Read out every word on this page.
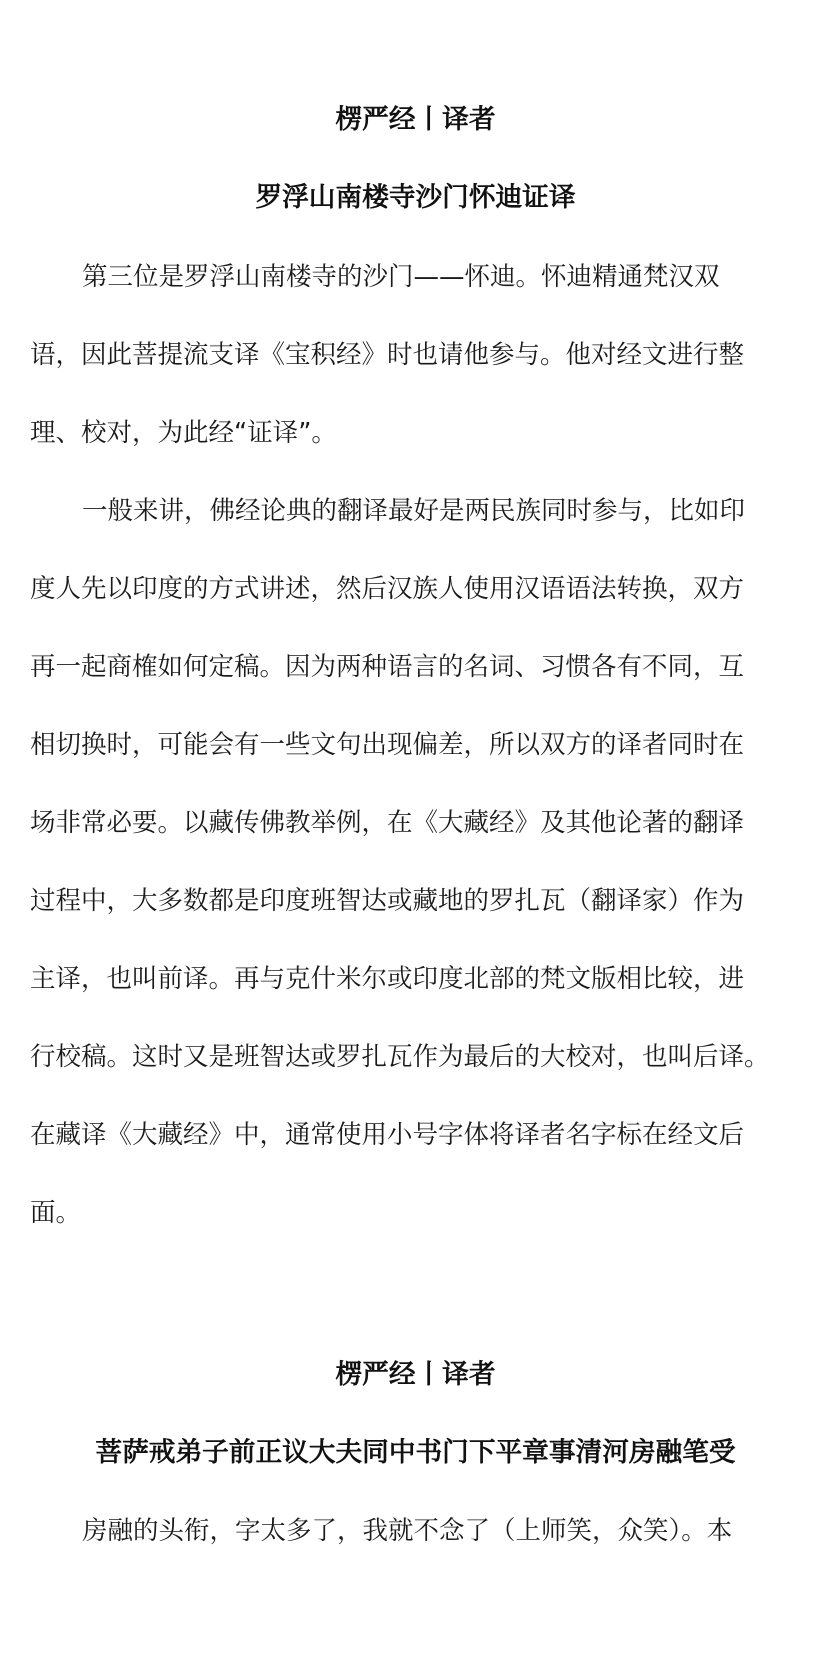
楞严经丨译者
罗浮山南楼寺沙门怀迪证译
第三位是罗浮山南楼寺的沙门——怀迪。怀迪精通梵汉双
语，因此菩提流支译《宝积经》时也请他参与。他对经文进行整
理、校对，为此经“证译”。
一般来讲，佛经论典的翻译最好是两民族同时参与，比如印
度人先以印度的方式讲述，然后汉族人使用汉语语法转换，双方
再一起商榷如何定稿。因为两种语言的名词、习惯各有不同，互
相切换时，可能会有一些文句出现偏差，所以双方的译者同时在
场非常必要。以藏传佛教举例，在《大藏经》及其他论著的翻译
过程中，大多数都是印度班智达或藏地的罗扎瓦（翻译家）作为
主译，也叫前译。再与克什米尔或印度北部的梵文版相比较，进
行校稿。这时又是班智达或罗扎瓦作为最后的大校对，也叫后译。
在藏译《大藏经》中，通常使用小号字体将译者名字标在经文后
面。
楞严经丨译者
菩萨戒弟子前正议大夫同中书门下平章事清河房融笔受
房融的头衔，字太多了，我就不念了（上师笑，众笑）。本
